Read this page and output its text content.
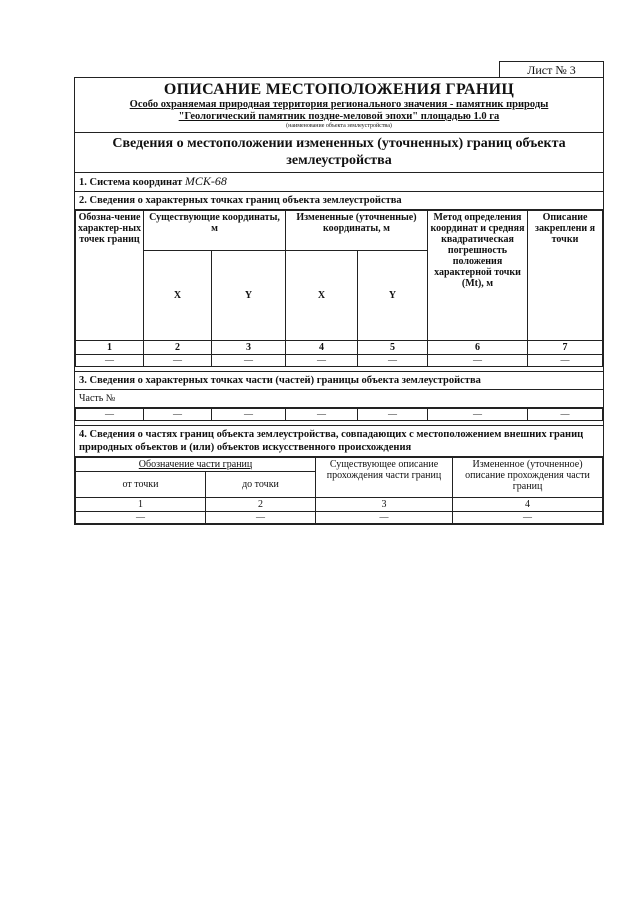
Лист № 3
ОПИСАНИЕ МЕСТОПОЛОЖЕНИЯ ГРАНИЦ
Особо охраняемая природная территория регионального значения - памятник природы
"Геологический памятник поздне-меловой эпохи" площадью 1.0 га
(наименование объекта землеустройства)
Сведения о местоположении измененных (уточненных) границ объекта землеустройства
1. Система координат МСК-68
2. Сведения о характерных точках границ объекта землеустройства
Обозна-чение характер-ных точек границ	Существующие координаты, м		Измененные (уточненные) координаты, м		Метод определения координат и средняя квадратическая погрешность положения характерной точки (Mt), м	Описание закреплени я точки
	X	Y	X	Y		
1	2	3	4	5	6	7
—	—	—	—	—	—	—
3. Сведения о характерных точках части (частей) границы объекта землеустройства
Часть №
—	—	—	—	—	—	—
4. Сведения о частях границ объекта землеустройства, совпадающих с местоположением внешних границ природных объектов и (или) объектов искусственного происхождения
Обозначение части границ		Существующее описание прохождения части границ	Измененное (уточненное) описание прохождения части границ
от точки	до точки		
1	2	3	4
—	—	—	—
